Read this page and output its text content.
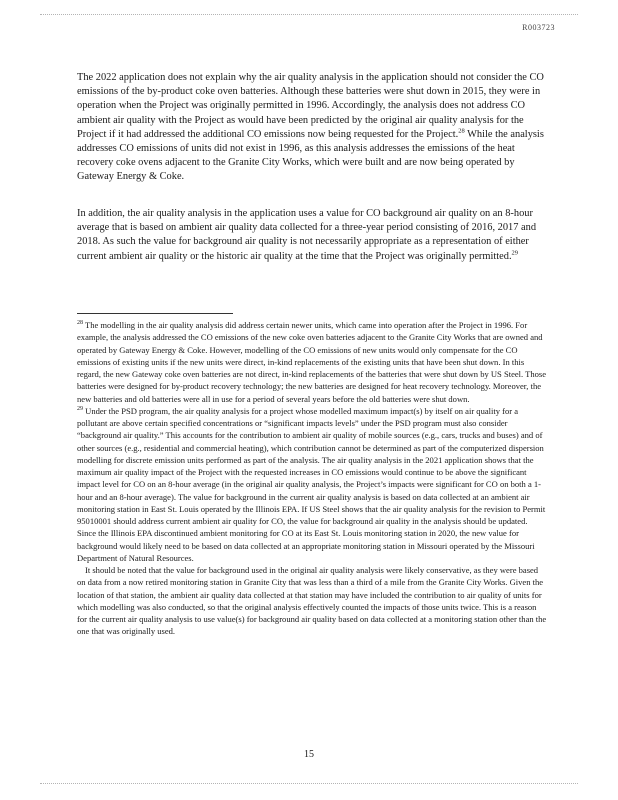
R003723

The 2022 application does not explain why the air quality analysis in the application should not consider the CO emissions of the by-product coke oven batteries. Although these batteries were shut down in 2015, they were in operation when the Project was originally permitted in 1996. Accordingly, the analysis does not address CO ambient air quality with the Project as would have been predicted by the original air quality analysis for the Project if it had addressed the additional CO emissions now being requested for the Project.$^{28}$ While the analysis addresses CO emissions of units did not exist in 1996, as this analysis addresses the emissions of the heat recovery coke ovens adjacent to the Granite City Works, which were built and are now being operated by Gateway Energy & Coke.

In addition, the air quality analysis in the application uses a value for CO background air quality on an 8-hour average that is based on ambient air quality data collected for a three-year period consisting of 2016, 2017 and 2018. As such the value for background air quality is not necessarily appropriate as a representation of either current ambient air quality or the historic air quality at the time that the Project was originally permitted.$^{29}$

$^{28}$ The modelling in the air quality analysis did address certain newer units, which came into operation after the Project in 1996. For example, the analysis addressed the CO emissions of the new coke oven batteries adjacent to the Granite City Works that are owned and operated by Gateway Energy & Coke. However, modelling of the CO emissions of new units would only compensate for the CO emissions of existing units if the new units were direct, in-kind replacements of the existing units that have been shut down. In this regard, the new Gateway coke oven batteries are not direct, in-kind replacements of the batteries that were shut down by US Steel. Those batteries were designed for by-product recovery technology; the new batteries are designed for heat recovery technology. Moreover, the new batteries and old batteries were all in use for a period of several years before the old batteries were shut down.

$^{29}$ Under the PSD program, the air quality analysis for a project whose modelled maximum impact(s) by itself on air quality for a pollutant are above certain specified concentrations or “significant impacts levels” under the PSD program must also consider “background air quality.” This accounts for the contribution to ambient air quality of mobile sources (e.g., cars, trucks and buses) and of other sources (e.g., residential and commercial heating), which contribution cannot be determined as part of the computerized dispersion modelling for discrete emission units performed as part of the analysis. The air quality analysis in the 2021 application shows that the maximum air quality impact of the Project with the requested increases in CO emissions would continue to be above the significant impact level for CO on an 8-hour average (in the original air quality analysis, the Project’s impacts were significant for CO on both a 1-hour and an 8-hour average). The value for background in the current air quality analysis is based on data collected at an ambient air monitoring station in East St. Louis operated by the Illinois EPA. If US Steel shows that the air quality analysis for the revision to Permit 95010001 should address current ambient air quality for CO, the value for background air quality in the analysis should be updated. Since the Illinois EPA discontinued ambient monitoring for CO at its East St. Louis monitoring station in 2020, the new value for background would likely need to be based on data collected at an appropriate monitoring station in Missouri operated by the Missouri Department of Natural Resources.

It should be noted that the value for background used in the original air quality analysis were likely conservative, as they were based on data from a now retired monitoring station in Granite City that was less than a third of a mile from the Granite City Works. Given the location of that station, the ambient air quality data collected at that station may have included the contribution to air quality of units for which modelling was also conducted, so that the original analysis effectively counted the impacts of those units twice. This is a reason for the current air quality analysis to use value(s) for background air quality based on data collected at a monitoring station other than the one that was originally used.

15
